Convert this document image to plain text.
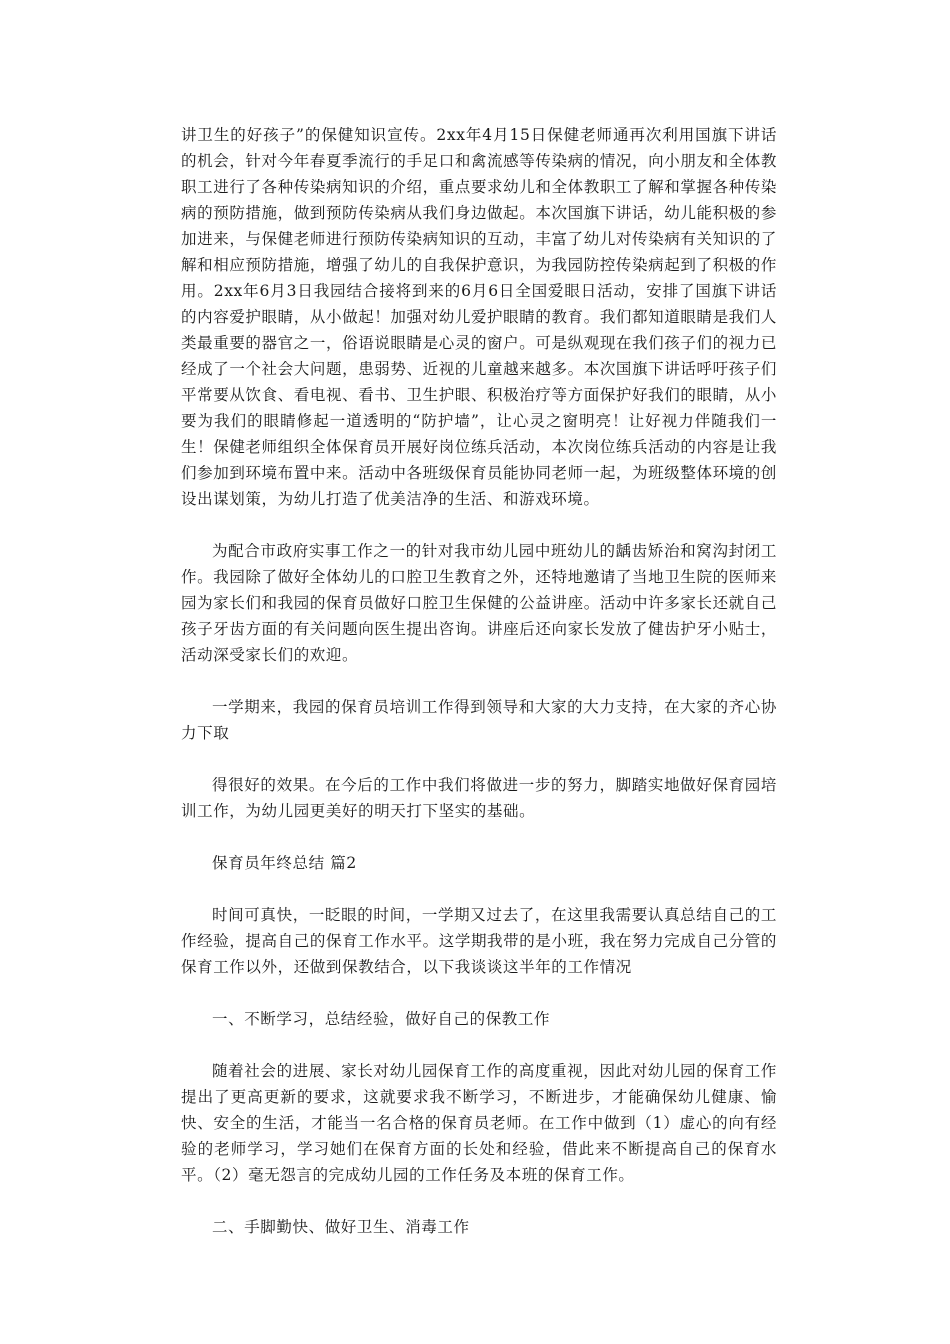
讲卫生的好孩子”的保健知识宣传。2xx年4月15日保健老师通再次利用国旗下讲话的机会，针对今年春夏季流行的手足口和禽流感等传染病的情况，向小朋友和全体教职工进行了各种传染病知识的介绍，重点要求幼儿和全体教职工了解和掌握各种传染病的预防措施，做到预防传染病从我们身边做起。本次国旗下讲话，幼儿能积极的参加进来，与保健老师进行预防传染病知识的互动，丰富了幼儿对传染病有关知识的了解和相应预防措施，增强了幼儿的自我保护意识，为我园防控传染病起到了积极的作用。2xx年6月3日我园结合接将到来的6月6日全国爱眼日活动，安排了国旗下讲话的内容爱护眼睛，从小做起！加强对幼儿爱护眼睛的教育。我们都知道眼睛是我们人类最重要的器官之一，俗语说眼睛是心灵的窗户。可是纵观现在我们孩子们的视力已经成了一个社会大问题，患弱势、近视的儿童越来越多。本次国旗下讲话呼吁孩子们平常要从饮食、看电视、看书、卫生护眼、积极治疗等方面保护好我们的眼睛，从小要为我们的眼睛修起一道透明的“防护墙”，让心灵之窗明亮！让好视力伴随我们一生！保健老师组织全体保育员开展好岗位练兵活动，本次岗位练兵活动的内容是让我们参加到环境布置中来。活动中各班级保育员能协同老师一起，为班级整体环境的创设出谋划策，为幼儿打造了优美洁净的生活、和游戏环境。

为配合市政府实事工作之一的针对我市幼儿园中班幼儿的龋齿矫治和窝沟封闭工作。我园除了做好全体幼儿的口腔卫生教育之外，还特地邀请了当地卫生院的医师来园为家长们和我园的保育员做好口腔卫生保健的公益讲座。活动中许多家长还就自己孩子牙齿方面的有关问题向医生提出咨询。讲座后还向家长发放了健齿护牙小贴士，活动深受家长们的欢迎。

一学期来，我园的保育员培训工作得到领导和大家的大力支持，在大家的齐心协力下取

得很好的效果。在今后的工作中我们将做进一步的努力，脚踏实地做好保育园培训工作，为幼儿园更美好的明天打下坚实的基础。

保育员年终总结 篇2

时间可真快，一眨眼的时间，一学期又过去了，在这里我需要认真总结自己的工作经验，提高自己的保育工作水平。这学期我带的是小班，我在努力完成自己分管的保育工作以外，还做到保教结合，以下我谈谈这半年的工作情况

一、不断学习，总结经验，做好自己的保教工作

随着社会的进展、家长对幼儿园保育工作的高度重视，因此对幼儿园的保育工作提出了更高更新的要求，这就要求我不断学习，不断进步，才能确保幼儿健康、愉快、安全的生活，才能当一名合格的保育员老师。在工作中做到（1）虚心的向有经验的老师学习，学习她们在保育方面的长处和经验，借此来不断提高自己的保育水平。（2）毫无怨言的完成幼儿园的工作任务及本班的保育工作。

二、手脚勤快、做好卫生、消毒工作
